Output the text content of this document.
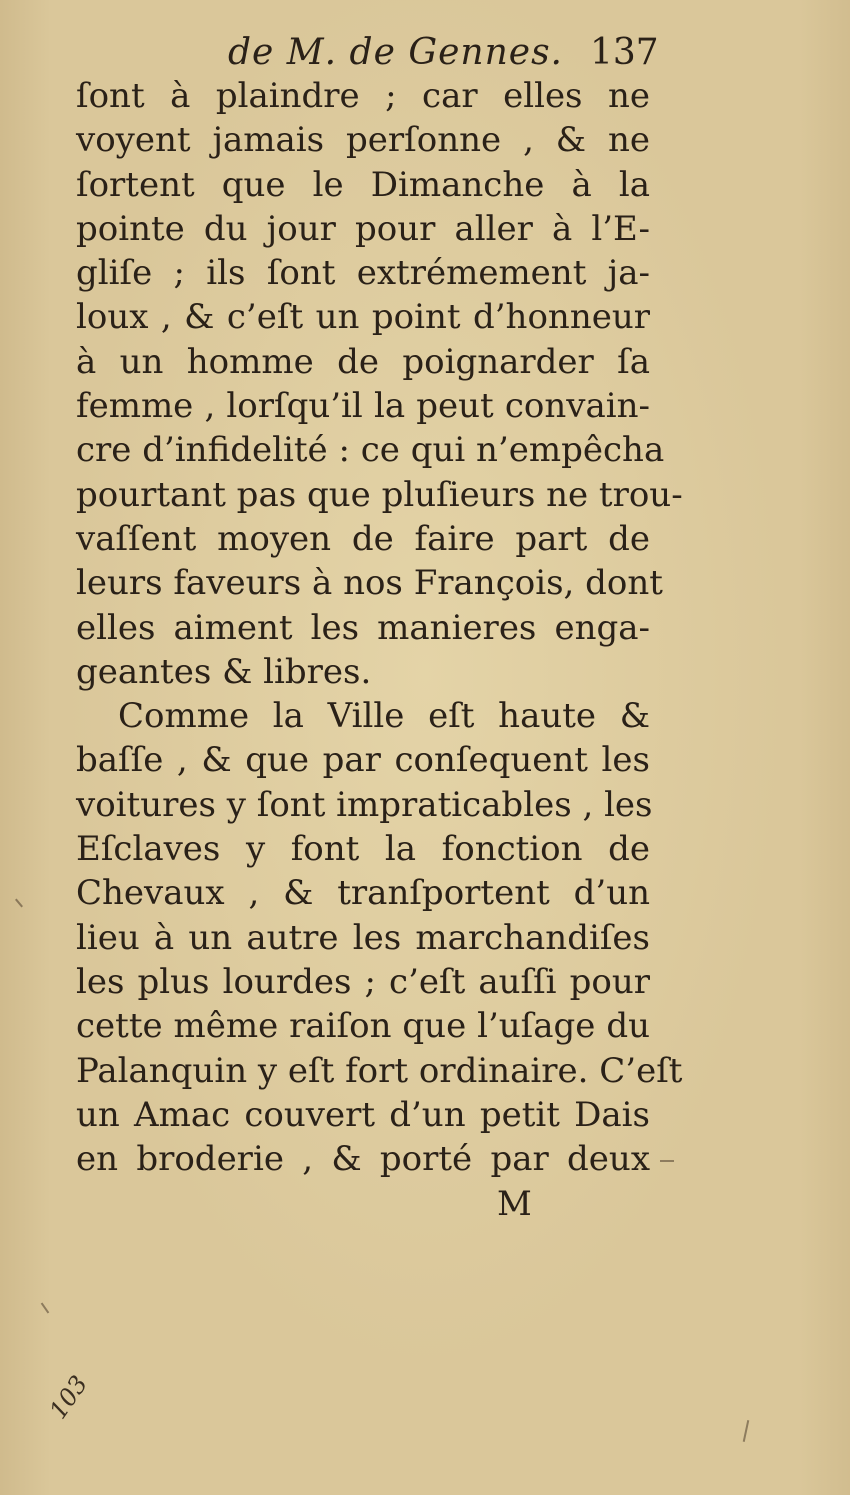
de M. de Gennes. 137
ſont à plaindre ; car elles ne
voyent jamais perſonne , & ne
ſortent que le Dimanche à la
pointe du jour pour aller à l’E-
gliſe ; ils ſont extrémement ja-
loux , & c’eſt un point d’honneur
à un homme de poignarder ſa
femme , lorſqu’il la peut convain-
cre d’infidelité : ce qui n’empêcha
pourtant pas que pluſieurs ne trou-
vaſſent moyen de faire part de
leurs faveurs à nos François, dont
elles aiment les manieres enga-
geantes & libres.
Comme la Ville eſt haute &
baſſe , & que par conſequent les
voitures y ſont impraticables , les
Eſclaves y font la fonction de
Chevaux , & tranſportent d’un
lieu à un autre les marchandiſes
les plus lourdes ; c’eſt auſſi pour
cette même raiſon que l’uſage du
Palanquin y eſt fort ordinaire. C’eſt
un Amac couvert d’un petit Dais
en broderie , & porté par deux
M
103
